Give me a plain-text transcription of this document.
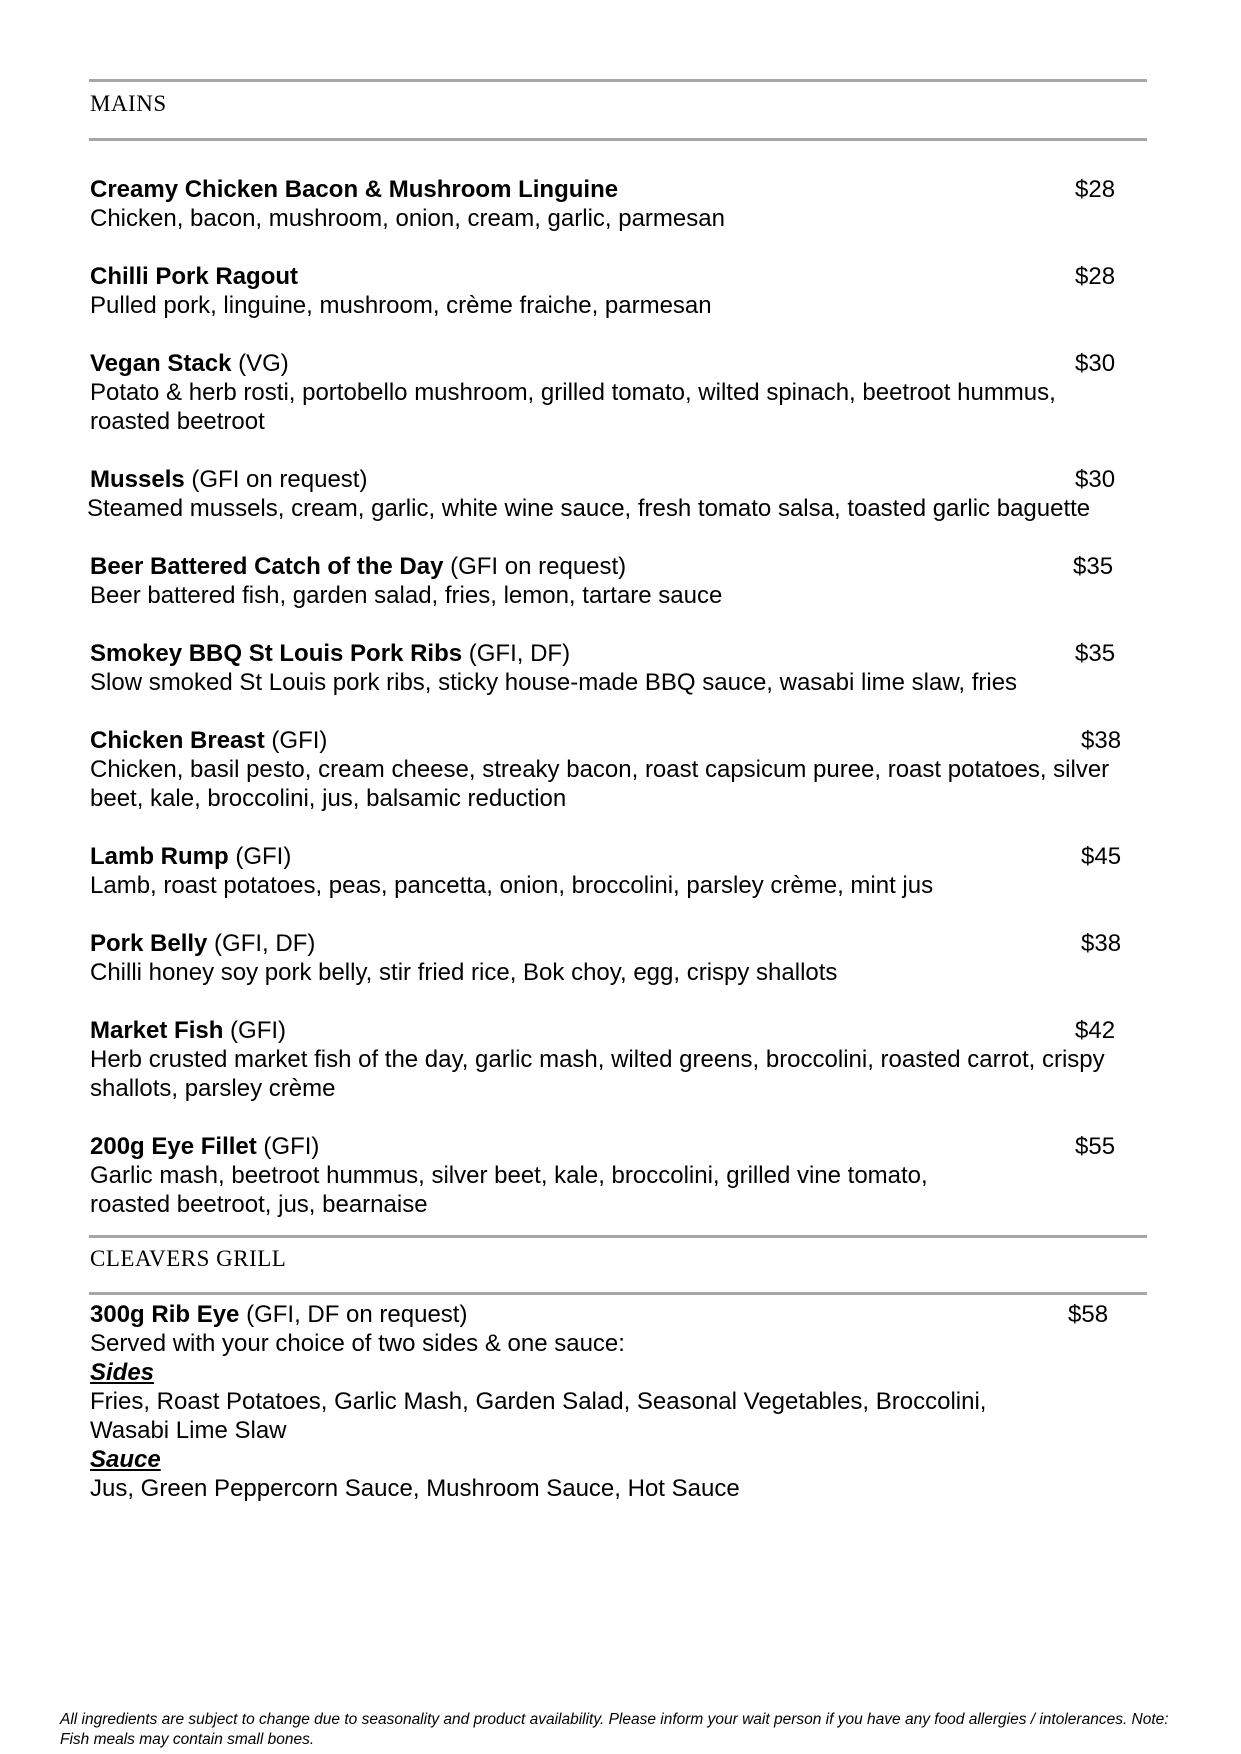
MAINS
Creamy Chicken Bacon & Mushroom Linguine	$28
Chicken, bacon, mushroom, onion, cream, garlic, parmesan
Chilli Pork Ragout	$28
Pulled pork, linguine, mushroom, crème fraiche, parmesan
Vegan Stack (VG)	$30
Potato & herb rosti, portobello mushroom, grilled tomato, wilted spinach, beetroot hummus, roasted beetroot
Mussels (GFI on request)	$30
Steamed mussels, cream, garlic, white wine sauce, fresh tomato salsa, toasted garlic baguette
Beer Battered Catch of the Day (GFI on request)	$35
Beer battered fish, garden salad, fries, lemon, tartare sauce
Smokey BBQ St Louis Pork Ribs (GFI, DF)	$35
Slow smoked St Louis pork ribs, sticky house-made BBQ sauce, wasabi lime slaw, fries
Chicken Breast (GFI)	$38
Chicken, basil pesto, cream cheese, streaky bacon, roast capsicum puree, roast potatoes, silver beet, kale, broccolini, jus, balsamic reduction
Lamb Rump (GFI)	$45
Lamb, roast potatoes, peas, pancetta, onion, broccolini, parsley crème, mint jus
Pork Belly (GFI, DF)	$38
Chilli honey soy pork belly, stir fried rice, Bok choy, egg, crispy shallots
Market Fish (GFI)	$42
Herb crusted market fish of the day, garlic mash, wilted greens, broccolini, roasted carrot, crispy shallots, parsley crème
200g Eye Fillet (GFI)	$55
Garlic mash, beetroot hummus, silver beet, kale, broccolini, grilled vine tomato, roasted beetroot, jus, bearnaise
CLEAVERS GRILL
300g Rib Eye (GFI, DF on request)	$58
Served with your choice of two sides & one sauce:
Sides
Fries, Roast Potatoes, Garlic Mash, Garden Salad, Seasonal Vegetables, Broccolini, Wasabi Lime Slaw
Sauce
Jus, Green Peppercorn Sauce, Mushroom Sauce, Hot Sauce
All ingredients are subject to change due to seasonality and product availability. Please inform your wait person if you have any food allergies / intolerances. Note: Fish meals may contain small bones.
